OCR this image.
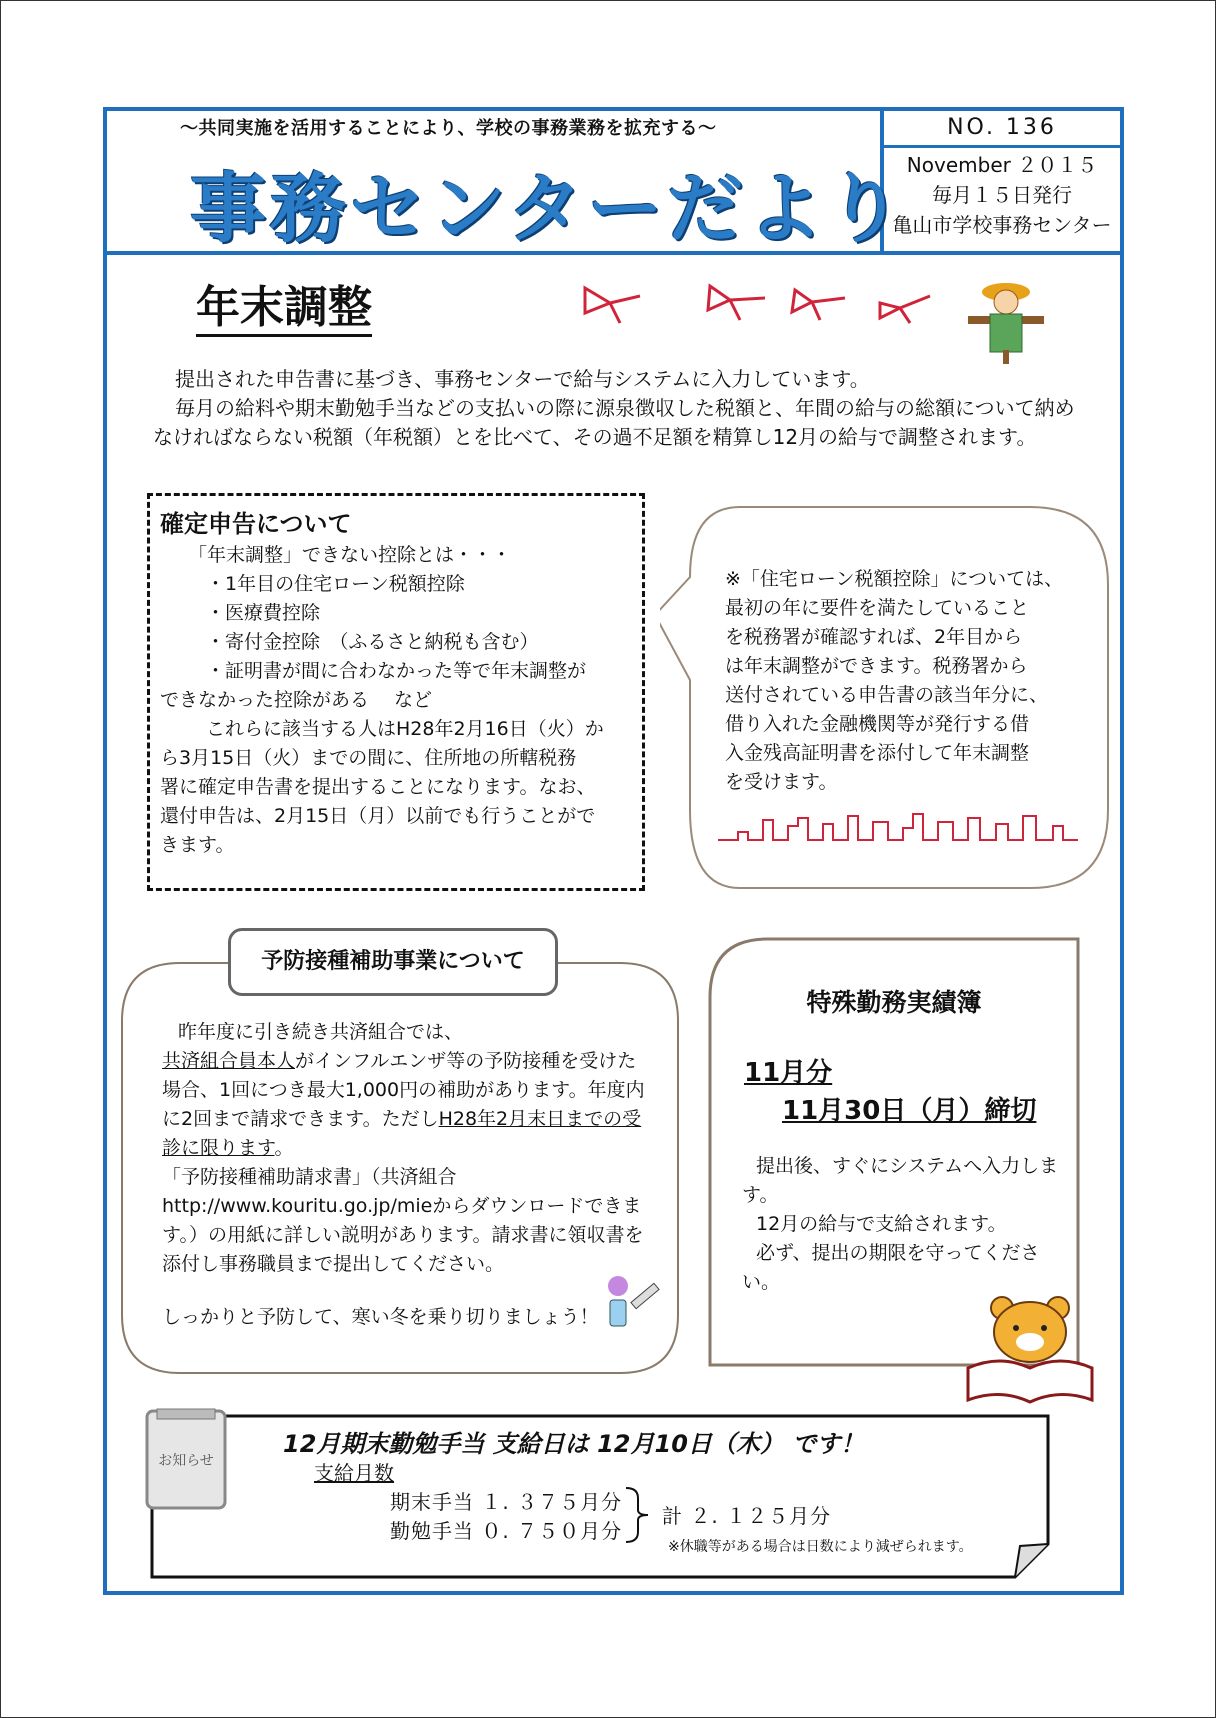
～共同実施を活用することにより、学校の事務業務を拡充する～
事務センターだより
NO. 136
November ２０１５
毎月１５日発行
亀山市学校事務センター
年末調整

提出された申告書に基づき、事務センターで給与システムに入力しています。

毎月の給料や期末勤勉手当などの支払いの際に源泉徴収した税額と、年間の給与の総額について納めなければならない税額（年税額）とを比べて、その過不足額を精算し12月の給与で調整されます。

確定申告について
「年末調整」できない控除とは・・・
・1年目の住宅ローン税額控除
・医療費控除
・寄付金控除　（ふるさと納税も含む）
・証明書が間に合わなかった等で年末調整が
できなかった控除がある　 など
これらに該当する人はH28年2月16日（火）か
ら3月15日（火）までの間に、住所地の所轄税務
署に確定申告書を提出することになります。なお、
還付申告は、2月15日（月）以前でも行うことがで
きます。
※「住宅ローン税額控除」については、
最初の年に要件を満たしていること
を税務署が確認すれば、2年目から
は年末調整ができます。税務署から
送付されている申告書の該当年分に、
借り入れた金融機関等が発行する借
入金残高証明書を添付して年末調整
を受けます。
予防接種補助事業について

昨年度に引き続き共済組合では、

共済組合員本人がインフルエンザ等の予防接種を受けた場合、1回につき最大1,000円の補助があります。年度内に2回まで請求できます。ただしH28年2月末日までの受診に限ります。

「予防接種補助請求書」（共済組合http://www.kouritu.go.jp/mieからダウンロードできます。）の用紙に詳しい説明があります。請求書に領収書を添付し事務職員まで提出してください。

しっかりと予防して、寒い冬を乗り切りましょう！

特殊勤務実績簿
11月分
11月30日（月）締切

提出後、すぐにシステムへ入力します。

12月の給与で支給されます。

必ず、提出の期限を守ってください。

お知らせ
12月期末勤勉手当 支給日は 12月10日（木） です！
支給月数
期末手当 １. ３７５月分
勤勉手当 ０. ７５０月分
計 ２. １２５月分
※休職等がある場合は日数により減ぜられます。
